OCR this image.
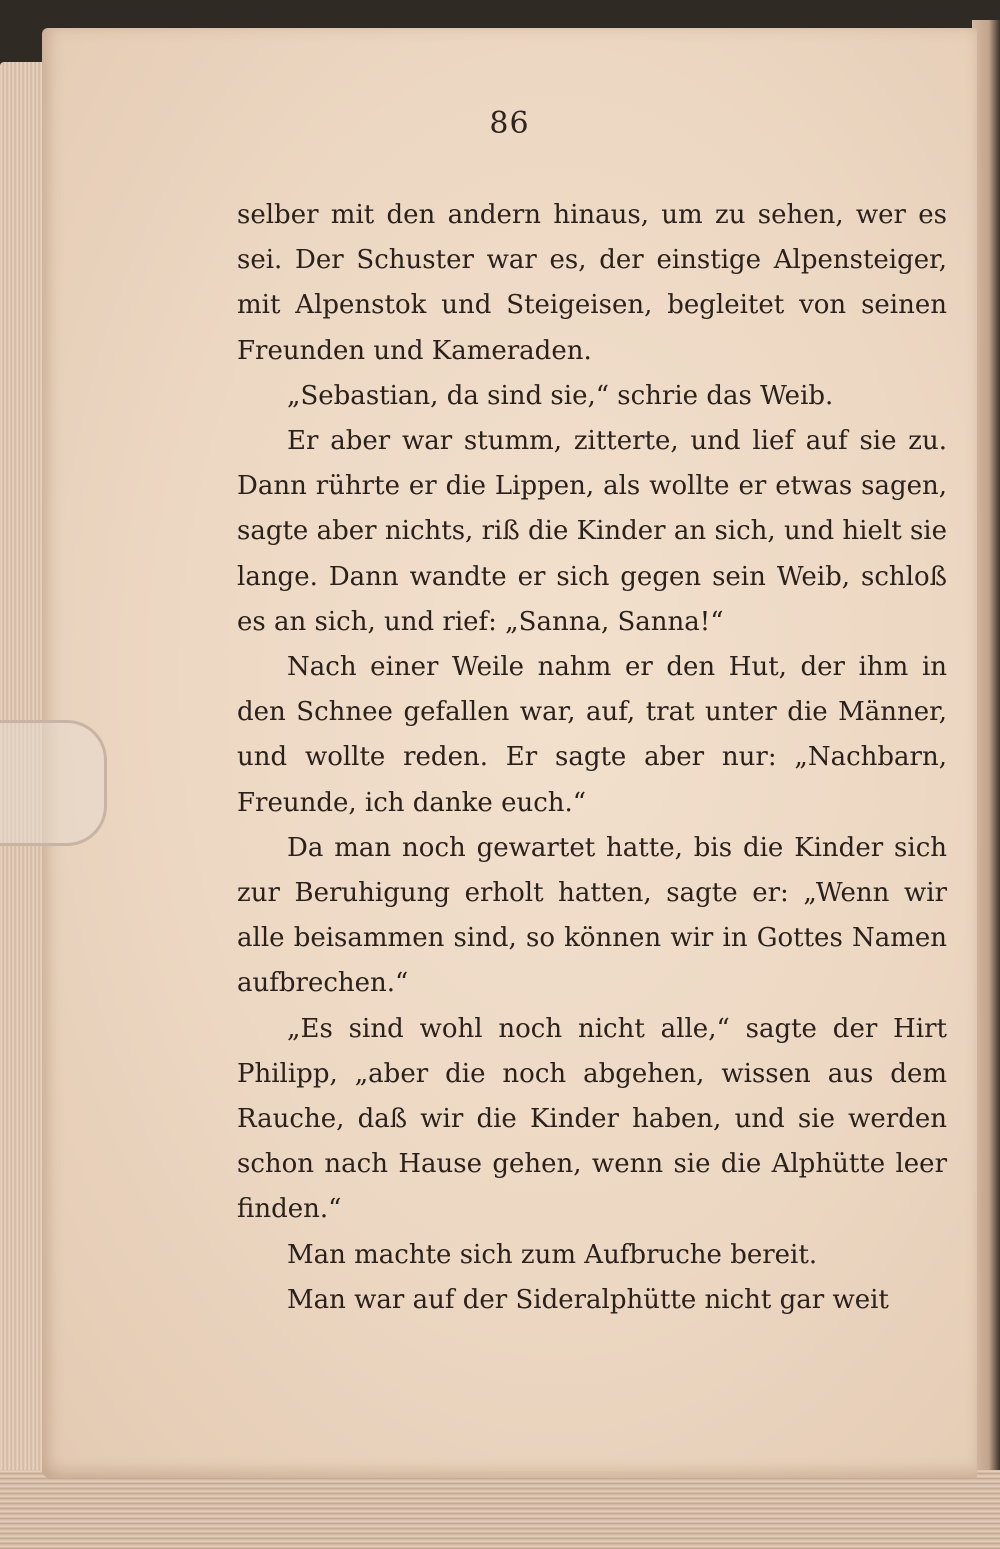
86

selber mit den andern hinaus, um zu sehen, wer es sei. Der Schuster war es, der einstige Alpensteiger, mit Alpenstok und Steigeisen, begleitet von seinen Freunden und Kameraden.

„Sebastian, da sind sie,“ schrie das Weib.

Er aber war stumm, zitterte, und lief auf sie zu. Dann rührte er die Lippen, als wollte er etwas sagen, sagte aber nichts, riß die Kinder an sich, und hielt sie lange. Dann wandte er sich gegen sein Weib, schloß es an sich, und rief: „Sanna, Sanna!“

Nach einer Weile nahm er den Hut, der ihm in den Schnee gefallen war, auf, trat unter die Männer, und wollte reden. Er sagte aber nur: „Nachbarn, Freunde, ich danke euch.“

Da man noch gewartet hatte, bis die Kinder sich zur Beruhigung erholt hatten, sagte er: „Wenn wir alle beisammen sind, so können wir in Gottes Namen aufbrechen.“

„Es sind wohl noch nicht alle,“ sagte der Hirt Philipp, „aber die noch abgehen, wissen aus dem Rauche, daß wir die Kinder haben, und sie werden schon nach Hause gehen, wenn sie die Alphütte leer finden.“

Man machte sich zum Aufbruche bereit.

Man war auf der Sideralphütte nicht gar weit
